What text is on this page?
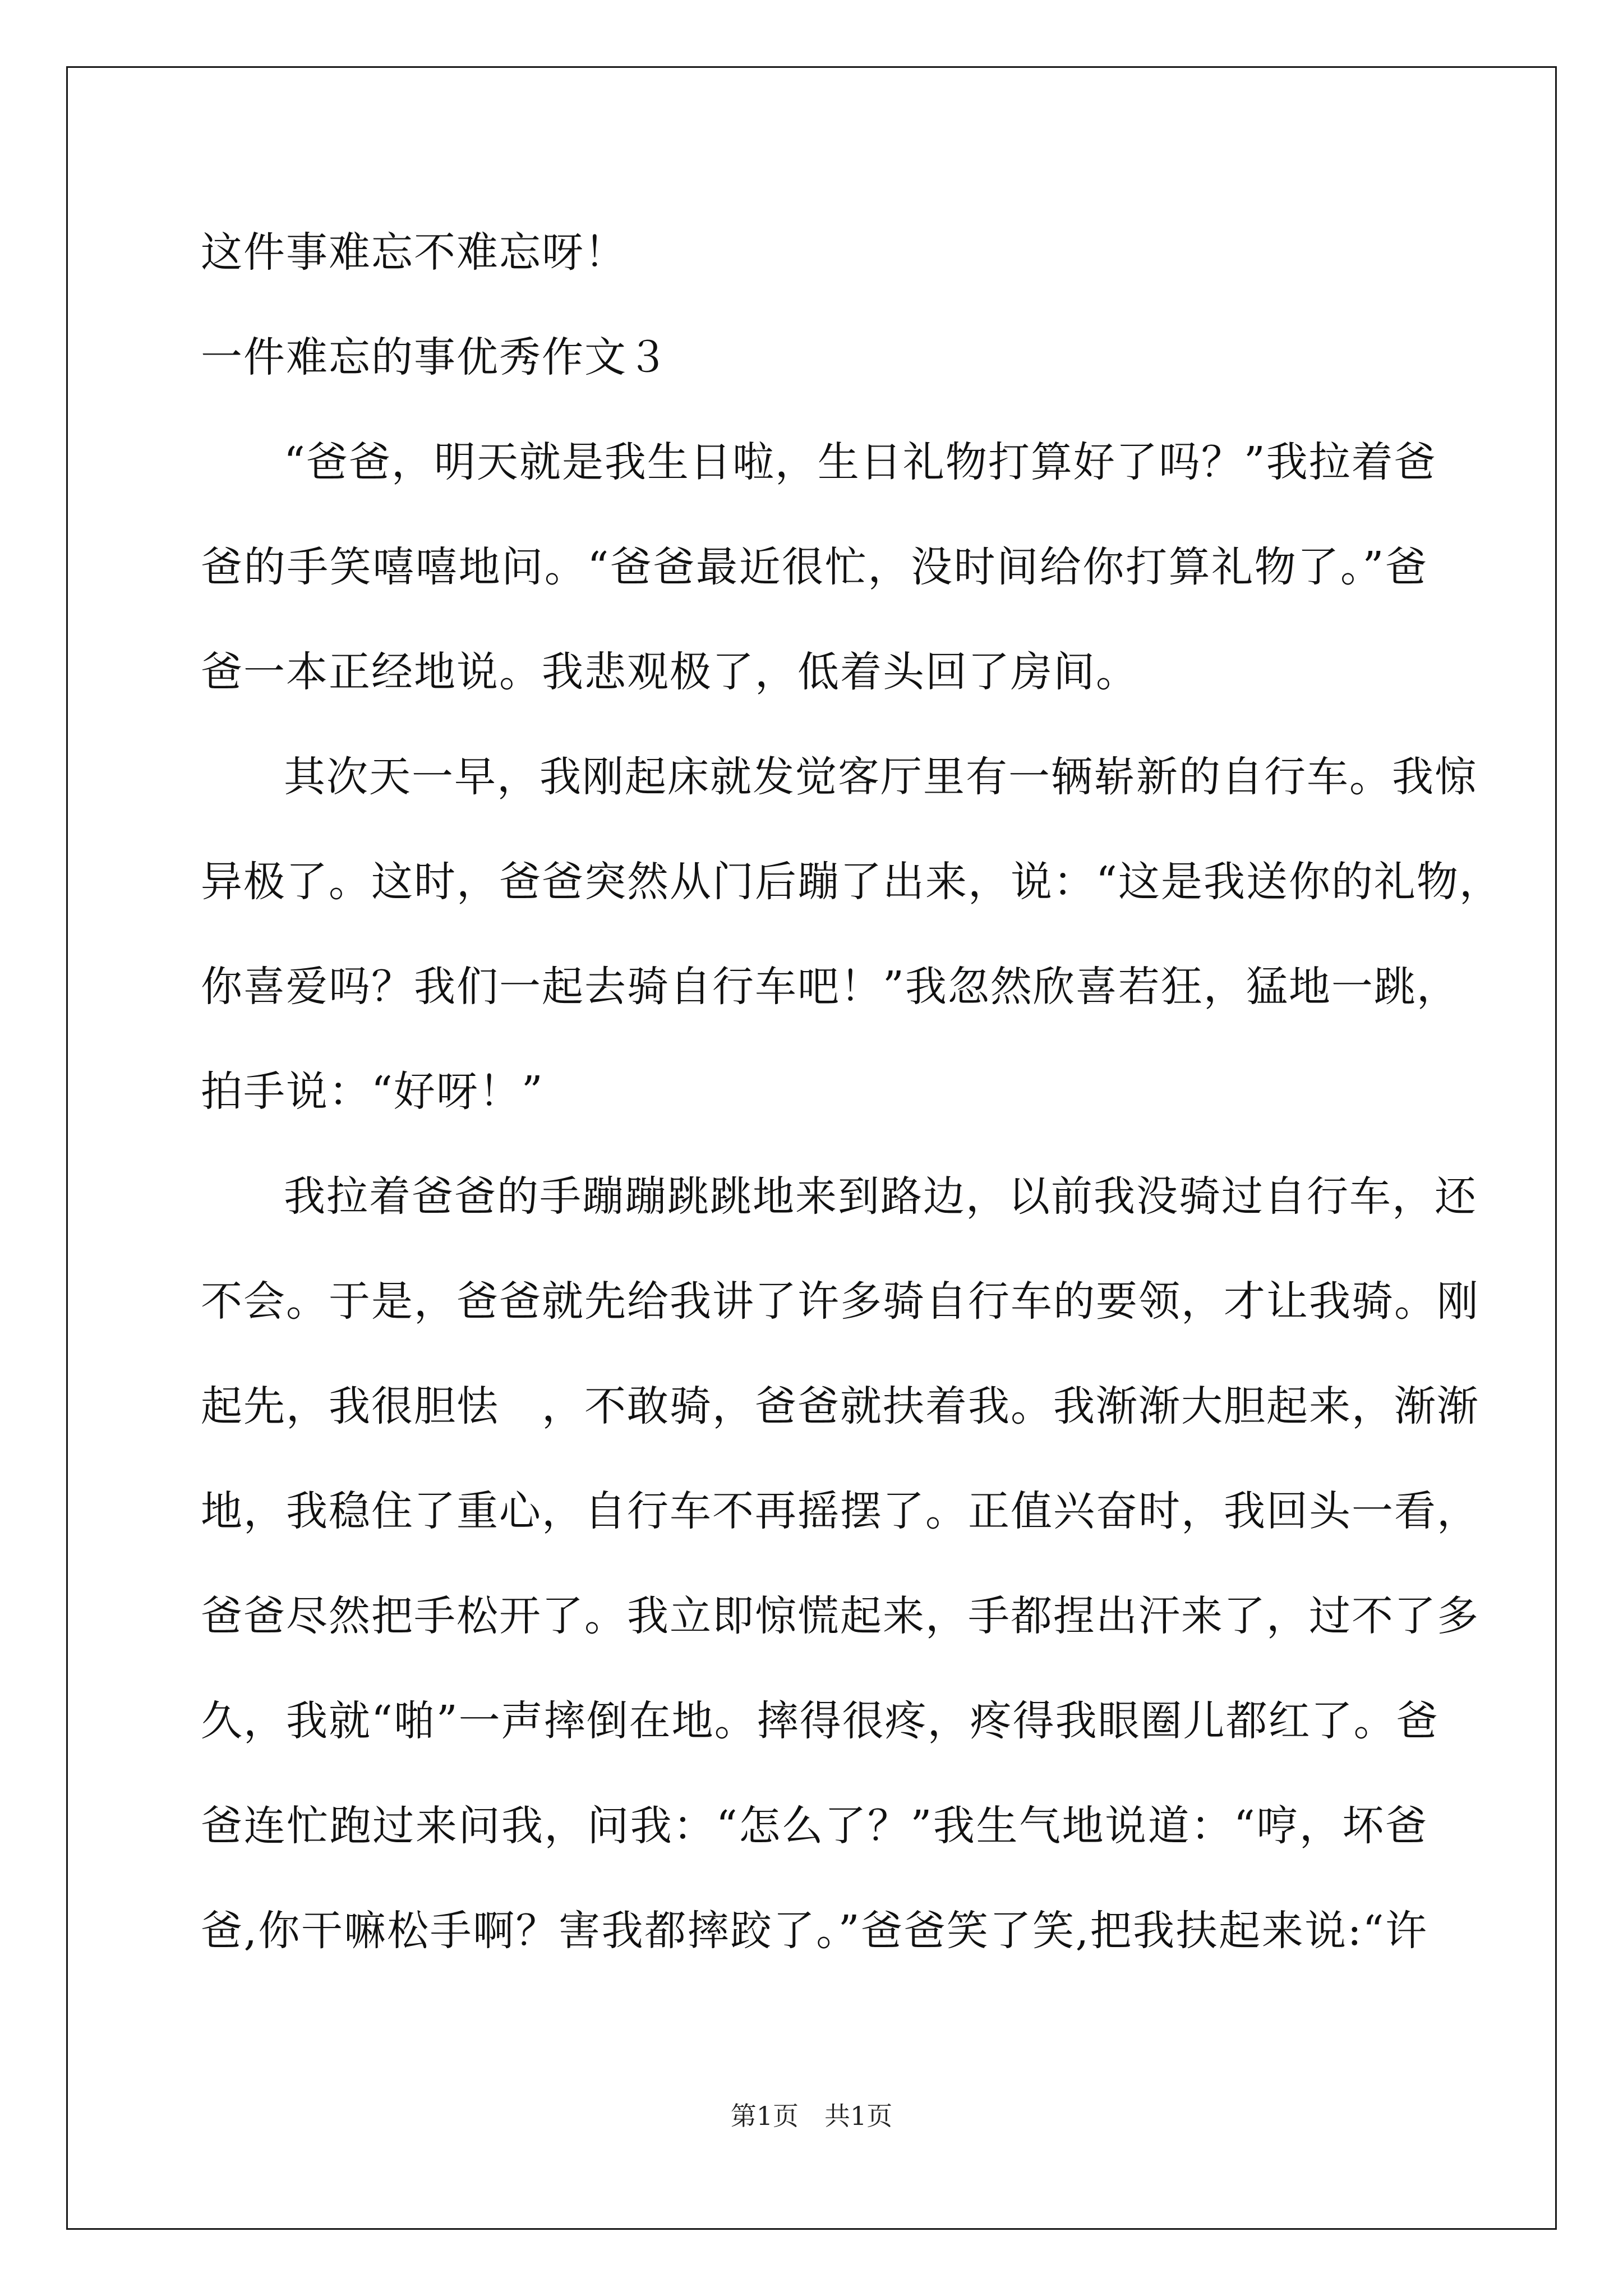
这件事难忘不难忘呀！
一件难忘的事优秀作文３
“爸爸，明天就是我生日啦，生日礼物打算好了吗？”我拉着爸
爸的手笑嘻嘻地问。“爸爸最近很忙，没时间给你打算礼物了。”爸
爸一本正经地说。我悲观极了，低着头回了房间。
其次天一早，我刚起床就发觉客厅里有一辆崭新的自行车。我惊
异极了。这时，爸爸突然从门后蹦了出来，说：“这是我送你的礼物，
你喜爱吗？我们一起去骑自行车吧！”我忽然欣喜若狂，猛地一跳，
拍手说：“好呀！”
我拉着爸爸的手蹦蹦跳跳地来到路边，以前我没骑过自行车，还
不会。于是，爸爸就先给我讲了许多骑自行车的要领，才让我骑。刚
起先，我很胆怯　，不敢骑，爸爸就扶着我。我渐渐大胆起来，渐渐
地，我稳住了重心，自行车不再摇摆了。正值兴奋时，我回头一看，
爸爸尽然把手松开了。我立即惊慌起来，手都捏出汗来了，过不了多
久，我就“啪”一声摔倒在地。摔得很疼，疼得我眼圈儿都红了。爸
爸连忙跑过来问我，问我：“怎么了？”我生气地说道：“哼，坏爸
爸,你干嘛松手啊？害我都摔跤了。”爸爸笑了笑,把我扶起来说:“许
第1页 共1页
